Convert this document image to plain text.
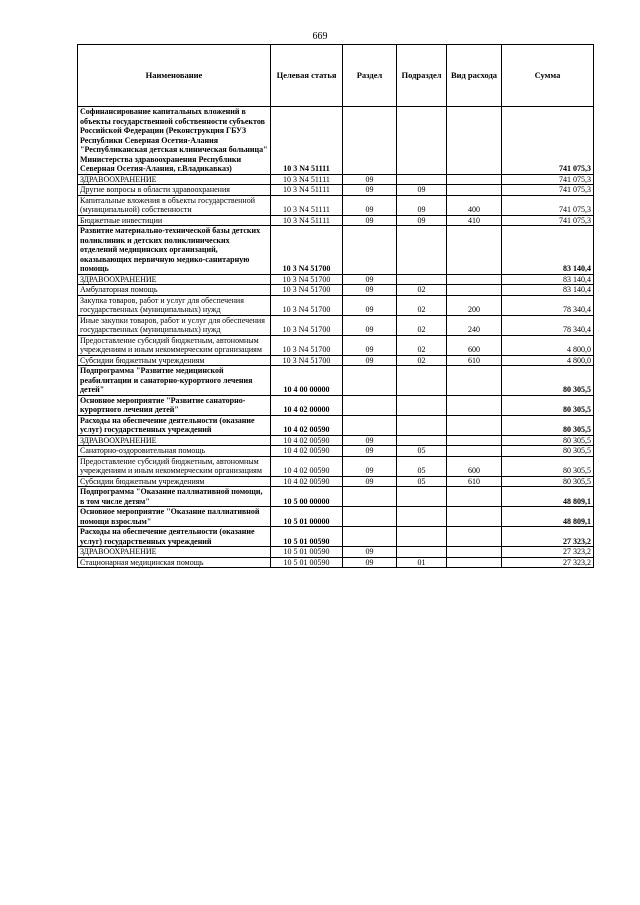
669
Наименование	Целевая статья	Раздел	Подраздел	Вид расхода	Сумма
Софинансирование капитальных вложений в объекты государственной собственности субъектов Российской Федерации (Реконструкция ГБУЗ Республики Северная Осетия-Алания "Республиканская детская клиническая больница" Министерства здравоохранения Республики Северная Осетия-Алания, г.Владикавказ)	10 3 N4 51111				741 075,3
ЗДРАВООХРАНЕНИЕ	10 3 N4 51111	09			741 075,3
Другие вопросы в области здравоохранения	10 3 N4 51111	09	09		741 075,3
Капитальные вложения в объекты государственной (муниципальной) собственности	10 3 N4 51111	09	09	400	741 075,3
Бюджетные инвестиции	10 3 N4 51111	09	09	410	741 075,3
Развитие материально-технической базы детских поликлиник и детских поликлинических отделений медицинских организаций, оказывающих первичную медико-санитарную помощь	10 3 N4 51700				83 140,4
ЗДРАВООХРАНЕНИЕ	10 3 N4 51700	09			83 140,4
Амбулаторная помощь	10 3 N4 51700	09	02		83 140,4
Закупка товаров, работ и услуг для обеспечения государственных (муниципальных) нужд	10 3 N4 51700	09	02	200	78 340,4
Иные закупки товаров, работ и услуг для обеспечения государственных (муниципальных) нужд	10 3 N4 51700	09	02	240	78 340,4
Предоставление субсидий бюджетным, автономным учреждениям и иным некоммерческим организациям	10 3 N4 51700	09	02	600	4 800,0
Субсидии бюджетным учреждениям	10 3 N4 51700	09	02	610	4 800,0
Подпрограмма "Развитие медицинской реабилитации и санаторно-курортного лечения детей"	10 4 00 00000				80 305,5
Основное мероприятие "Развитие санаторно-курортного лечения детей"	10 4 02 00000				80 305,5
Расходы на обеспечение деятельности (оказание услуг) государственных учреждений	10 4 02 00590				80 305,5
ЗДРАВООХРАНЕНИЕ	10 4 02 00590	09			80 305,5
Санаторно-оздоровительная помощь	10 4 02 00590	09	05		80 305,5
Предоставление субсидий бюджетным, автономным учреждениям и иным некоммерческим организациям	10 4 02 00590	09	05	600	80 305,5
Субсидии бюджетным учреждениям	10 4 02 00590	09	05	610	80 305,5
Подпрограмма "Оказание паллиативной помощи, в том числе детям"	10 5 00 00000				48 809,1
Основное мероприятие "Оказание паллиативной помощи взрослым"	10 5 01 00000				48 809,1
Расходы на обеспечение деятельности (оказание услуг) государственных учреждений	10 5 01 00590				27 323,2
ЗДРАВООХРАНЕНИЕ	10 5 01 00590	09			27 323,2
Стационарная медицинская помощь	10 5 01 00590	09	01		27 323,2
